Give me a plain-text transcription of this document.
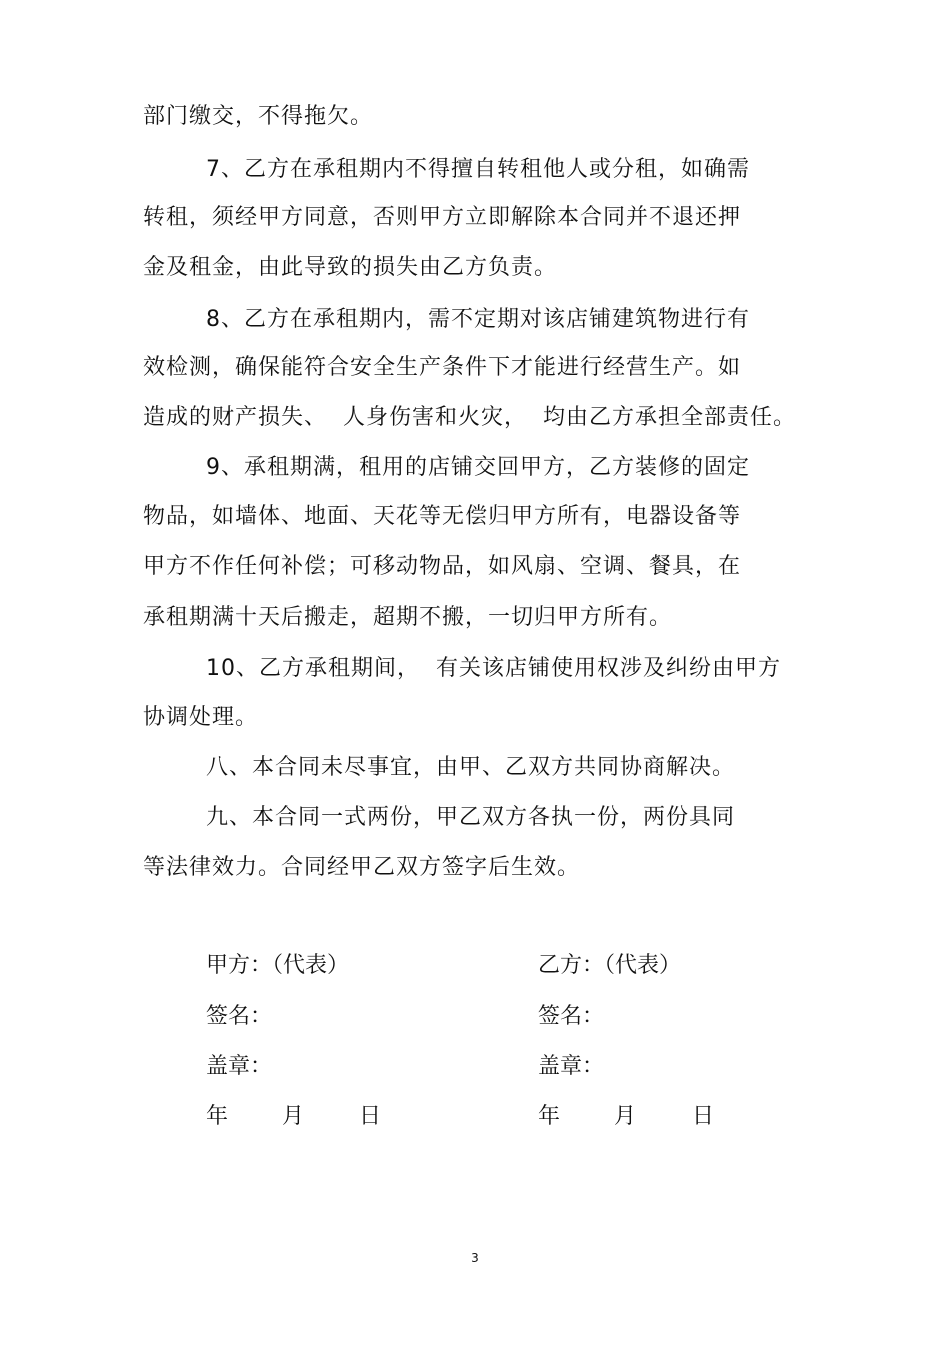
部门缴交，不得拖欠。
7、乙方在承租期内不得擅自转租他人或分租，如确需
转租，须经甲方同意，否则甲方立即解除本合同并不退还押
金及租金，由此导致的损失由乙方负责。
8、乙方在承租期内，需不定期对该店铺建筑物进行有
效检测，确保能符合安全生产条件下才能进行经营生产。如
造成的财产损失、  人身伤害和火灾，  均由乙方承担全部责任。
9、承租期满，租用的店铺交回甲方，乙方装修的固定
物品，如墙体、地面、天花等无偿归甲方所有，电器设备等
甲方不作任何补偿；可移动物品，如风扇、空调、餐具，在
承租期满十天后搬走，超期不搬，一切归甲方所有。
10、乙方承租期间，  有关该店铺使用权涉及纠纷由甲方
协调处理。
八、本合同未尽事宜，由甲、乙双方共同协商解决。
九、本合同一式两份，甲乙双方各执一份，两份具同
等法律效力。合同经甲乙双方签字后生效。
甲方：（代表）
签名：
盖章：
年 月 日
乙方：（代表）
签名：
盖章：
年 月	日
3
